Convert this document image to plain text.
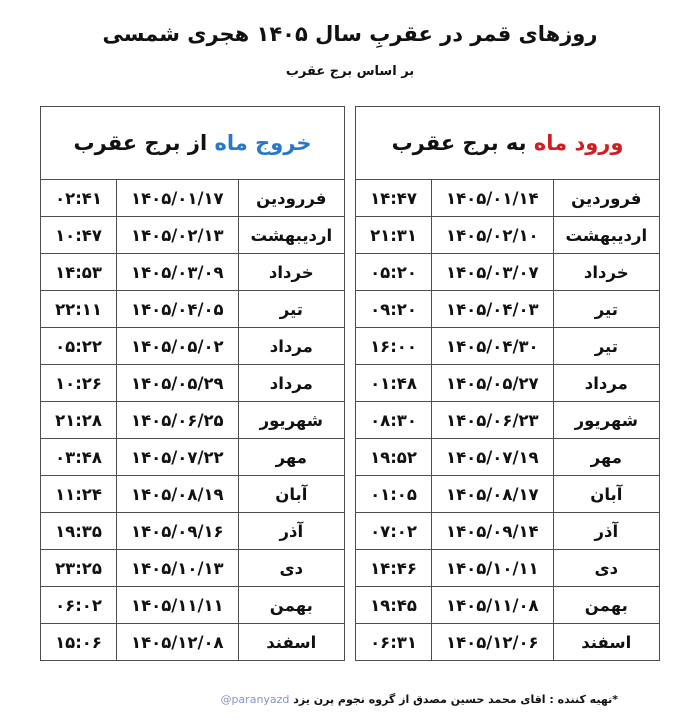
روزهای قمر در عقربِ سال ۱۴۰۵ هجری شمسی
بر اساس برج عقرب
خروج ماه از برج عقرب		
فررودین	۱۴۰۵/۰۱/۱۷	۰۲:۴۱
اردیبهشت	۱۴۰۵/۰۲/۱۳	۱۰:۴۷
خرداد	۱۴۰۵/۰۳/۰۹	۱۴:۵۳
تیر	۱۴۰۵/۰۴/۰۵	۲۲:۱۱
مرداد	۱۴۰۵/۰۵/۰۲	۰۵:۲۲
مرداد	۱۴۰۵/۰۵/۲۹	۱۰:۲۶
شهریور	۱۴۰۵/۰۶/۲۵	۲۱:۲۸
مهر	۱۴۰۵/۰۷/۲۲	۰۳:۴۸
آبان	۱۴۰۵/۰۸/۱۹	۱۱:۲۴
آذر	۱۴۰۵/۰۹/۱۶	۱۹:۳۵
دی	۱۴۰۵/۱۰/۱۳	۲۳:۲۵
بهمن	۱۴۰۵/۱۱/۱۱	۰۶:۰۲
اسفند	۱۴۰۵/۱۲/۰۸	۱۵:۰۶
ورود ماه به برج عقرب		
فروردین	۱۴۰۵/۰۱/۱۴	۱۴:۴۷
اردیبهشت	۱۴۰۵/۰۲/۱۰	۲۱:۳۱
خرداد	۱۴۰۵/۰۳/۰۷	۰۵:۲۰
تیر	۱۴۰۵/۰۴/۰۳	۰۹:۲۰
تیر	۱۴۰۵/۰۴/۳۰	۱۶:۰۰
مرداد	۱۴۰۵/۰۵/۲۷	۰۱:۴۸
شهریور	۱۴۰۵/۰۶/۲۳	۰۸:۳۰
مهر	۱۴۰۵/۰۷/۱۹	۱۹:۵۲
آبان	۱۴۰۵/۰۸/۱۷	۰۱:۰۵
آذر	۱۴۰۵/۰۹/۱۴	۰۷:۰۲
دی	۱۴۰۵/۱۰/۱۱	۱۴:۴۶
بهمن	۱۴۰۵/۱۱/۰۸	۱۹:۴۵
اسفند	۱۴۰۵/۱۲/۰۶	۰۶:۳۱
*تهیه کننده : اقای محمد حسین مصدق از گروه نجوم پرن یزد @paranyazd
